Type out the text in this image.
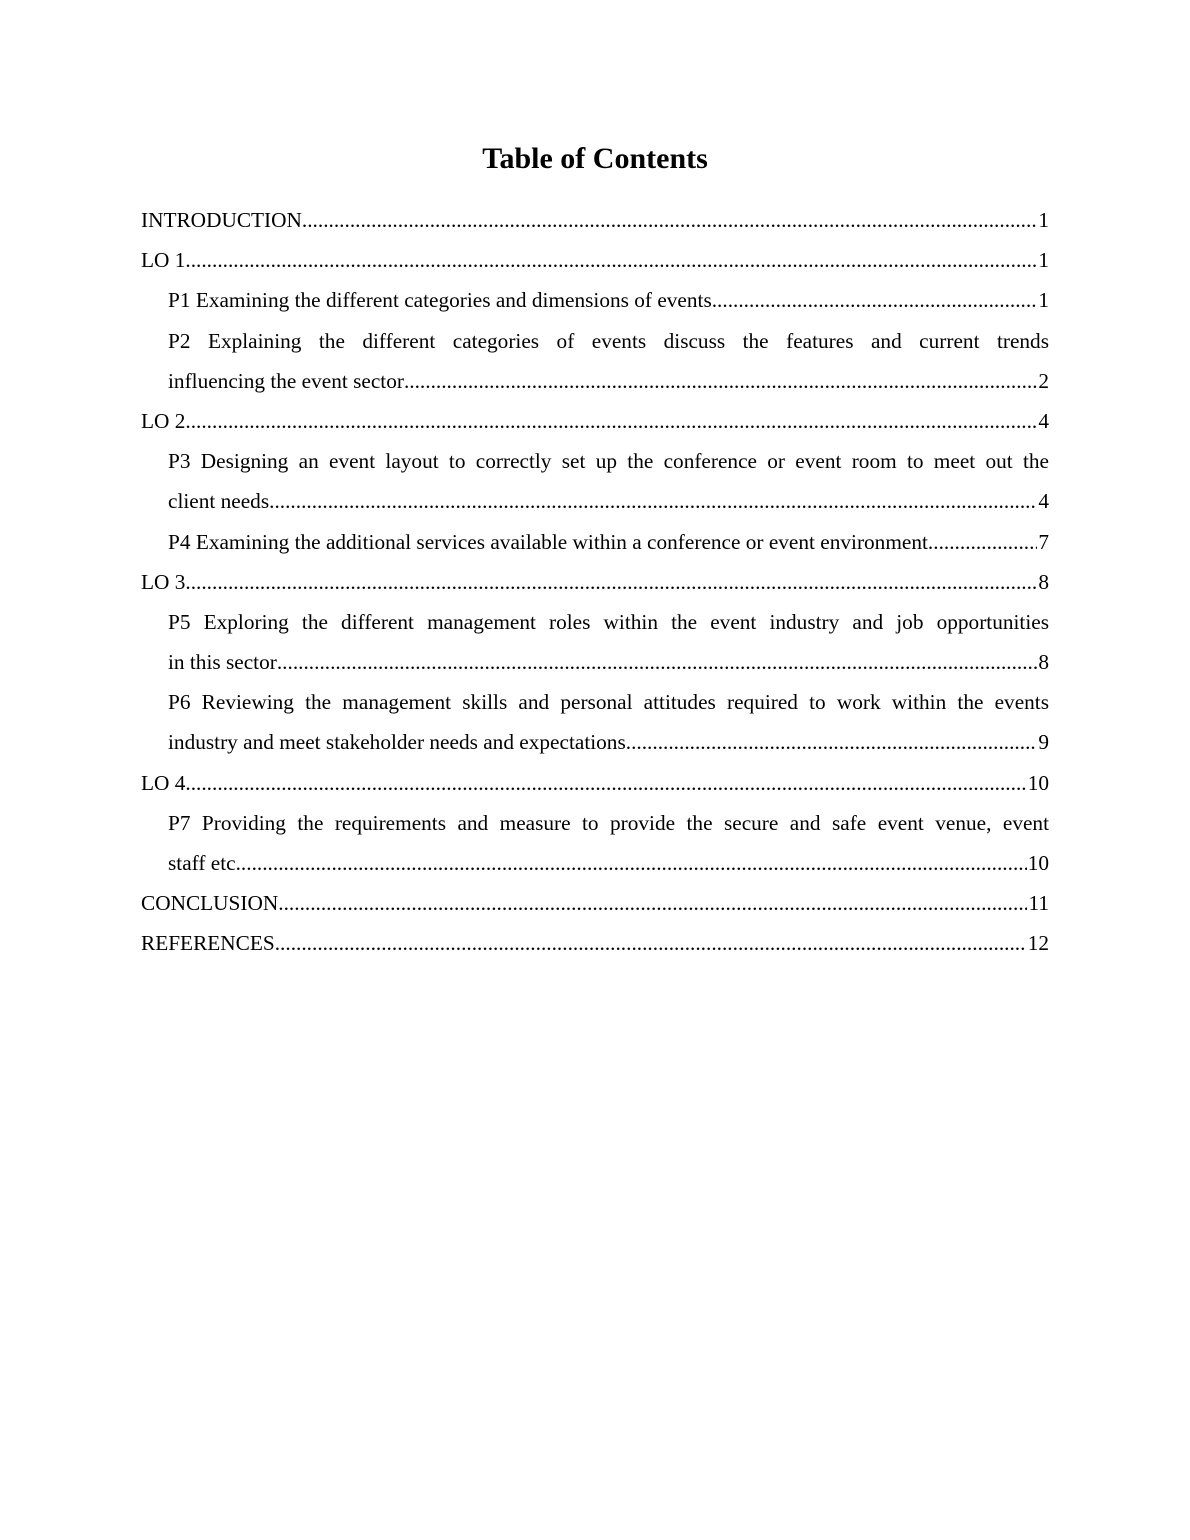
Table of Contents
INTRODUCTION .....	1
LO 1 .....	1
P1 Examining the different categories and dimensions of events .....	1
P2 Explaining the different categories of events discuss the features and current trends
influencing the event sector .....	2
LO 2 .....	4
P3 Designing an event layout to correctly set up the conference or event room to meet out the
client needs .....	4
P4 Examining the additional services available within a conference or event environment. .....	7
LO 3 .....	8
P5 Exploring the different management roles within the event industry and job opportunities
in this sector .....	8
P6 Reviewing the management skills and personal attitudes required to work within the events
industry and meet stakeholder needs and expectations .....	9
LO 4 .....	10
P7 Providing the requirements and measure to provide the secure and safe event venue, event
staff etc .....	10
CONCLUSION .....	11
REFERENCES .....	12
